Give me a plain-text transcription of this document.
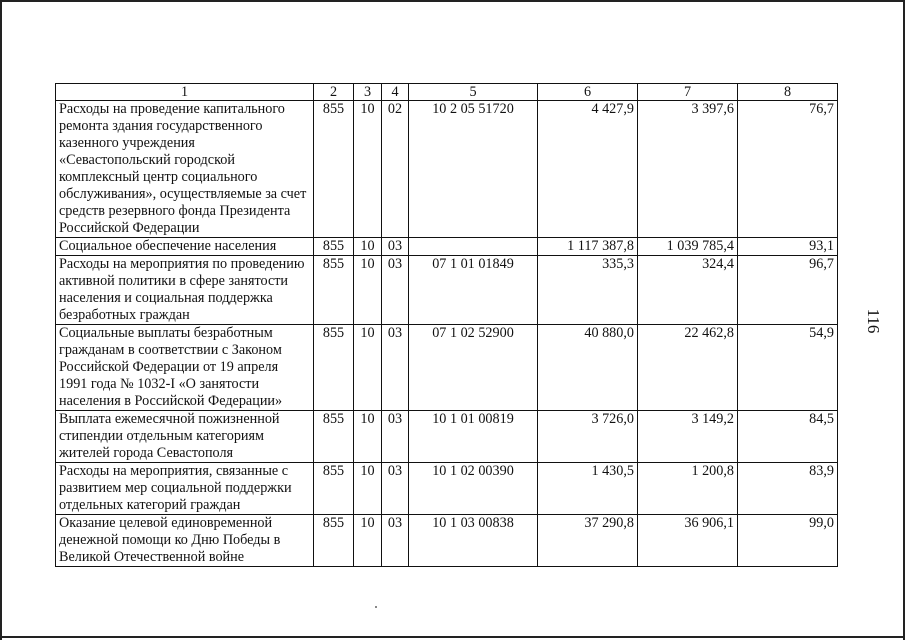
116
1	2	3	4	5	6	7	8
Расходы на проведение капитального ремонта здания государственного казенного учреждения «Севастопольский городской комплексный центр социального обслуживания», осуществляемые за счет средств резервного фонда Президента Российской Федерации	855	10	02	10 2 05 51720	4 427,9	3 397,6	76,7
Социальное обеспечение населения	855	10	03		1 117 387,8	1 039 785,4	93,1
Расходы на мероприятия по проведению активной политики в сфере занятости населения и социальная поддержка безработных граждан	855	10	03	07 1 01 01849	335,3	324,4	96,7
Социальные выплаты безработным гражданам в соответствии с Законом Российской Федерации от 19 апреля 1991 года № 1032-I «О занятости населения в Российской Федерации»	855	10	03	07 1 02 52900	40 880,0	22 462,8	54,9
Выплата ежемесячной пожизненной стипендии отдельным категориям жителей города Севастополя	855	10	03	10 1 01 00819	3 726,0	3 149,2	84,5
Расходы на мероприятия, связанные с развитием мер социальной поддержки отдельных категорий граждан	855	10	03	10 1 02 00390	1 430,5	1 200,8	83,9
Оказание целевой единовременной денежной помощи ко Дню Победы в Великой Отечественной войне	855	10	03	10 1 03 00838	37 290,8	36 906,1	99,0
